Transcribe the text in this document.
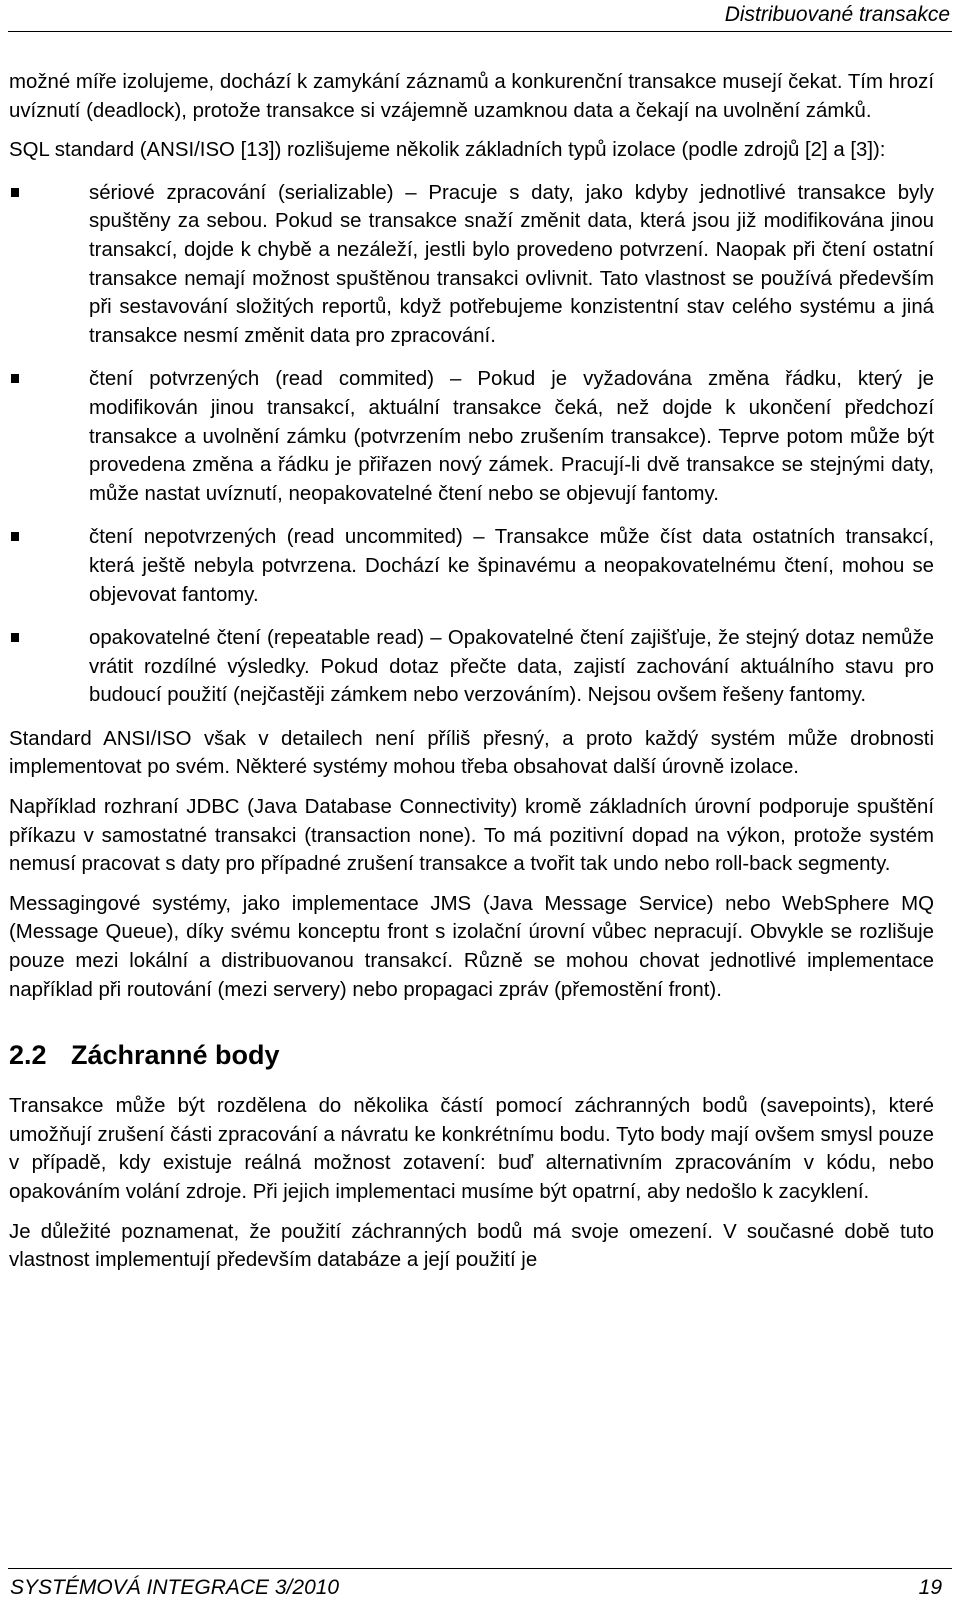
Distribuované transakce

možné míře izolujeme, dochází k zamykání záznamů a konkurenční transakce musejí čekat. Tím hrozí uvíznutí (deadlock), protože transakce si vzájemně uzamknou data a čekají na uvolnění zámků.

SQL standard (ANSI/ISO [13]) rozlišujeme několik základních typů izolace (podle zdrojů [2] a [3]):

sériové zpracování (serializable) – Pracuje s daty, jako kdyby jednotlivé transakce byly spuštěny za sebou. Pokud se transakce snaží změnit data, která jsou již modifikována jinou transakcí, dojde k chybě a nezáleží, jestli bylo provedeno potvrzení. Naopak při čtení ostatní transakce nemají možnost spuštěnou transakci ovlivnit. Tato vlastnost se používá především při sestavování složitých reportů, když potřebujeme konzistentní stav celého systému a jiná transakce nesmí změnit data pro zpracování.
čtení potvrzených (read commited) – Pokud je vyžadována změna řádku, který je modifikován jinou transakcí, aktuální transakce čeká, než dojde k ukončení předchozí transakce a uvolnění zámku (potvrzením nebo zrušením transakce). Teprve potom může být provedena změna a řádku je přiřazen nový zámek. Pracují-li dvě transakce se stejnými daty, může nastat uvíznutí, neopakovatelné čtení nebo se objevují fantomy.
čtení nepotvrzených (read uncommited) – Transakce může číst data ostatních transakcí, která ještě nebyla potvrzena. Dochází ke špinavému a neopakovatelnému čtení, mohou se objevovat fantomy.
opakovatelné čtení (repeatable read) – Opakovatelné čtení zajišťuje, že stejný dotaz nemůže vrátit rozdílné výsledky. Pokud dotaz přečte data, zajistí zachování aktuálního stavu pro budoucí použití (nejčastěji zámkem nebo verzováním). Nejsou ovšem řešeny fantomy.

Standard ANSI/ISO však v detailech není příliš přesný, a proto každý systém může drobnosti implementovat po svém. Některé systémy mohou třeba obsahovat další úrovně izolace.

Například rozhraní JDBC (Java Database Connectivity) kromě základních úrovní podporuje spuštění příkazu v samostatné transakci (transaction none). To má pozitivní dopad na výkon, protože systém nemusí pracovat s daty pro případné zrušení transakce a tvořit tak undo nebo roll-back segmenty.

Messagingové systémy, jako implementace JMS (Java Message Service) nebo WebSphere MQ (Message Queue), díky svému konceptu front s izolační úrovní vůbec nepracují. Obvykle se rozlišuje pouze mezi lokální a distribuovanou transakcí. Různě se mohou chovat jednotlivé implementace například při routování (mezi servery) nebo propagaci zpráv (přemostění front).

2.2 Záchranné body

Transakce může být rozdělena do několika částí pomocí záchranných bodů (savepoints), které umožňují zrušení části zpracování a návratu ke konkrétnímu bodu. Tyto body mají ovšem smysl pouze v případě, kdy existuje reálná možnost zotavení: buď alternativním zpracováním v kódu, nebo opakováním volání zdroje. Při jejich implementaci musíme být opatrní, aby nedošlo k zacyklení.

Je důležité poznamenat, že použití záchranných bodů má svoje omezení. V současné době tuto vlastnost implementují především databáze a její použití je

SYSTÉMOVÁ INTEGRACE 3/2010	19
